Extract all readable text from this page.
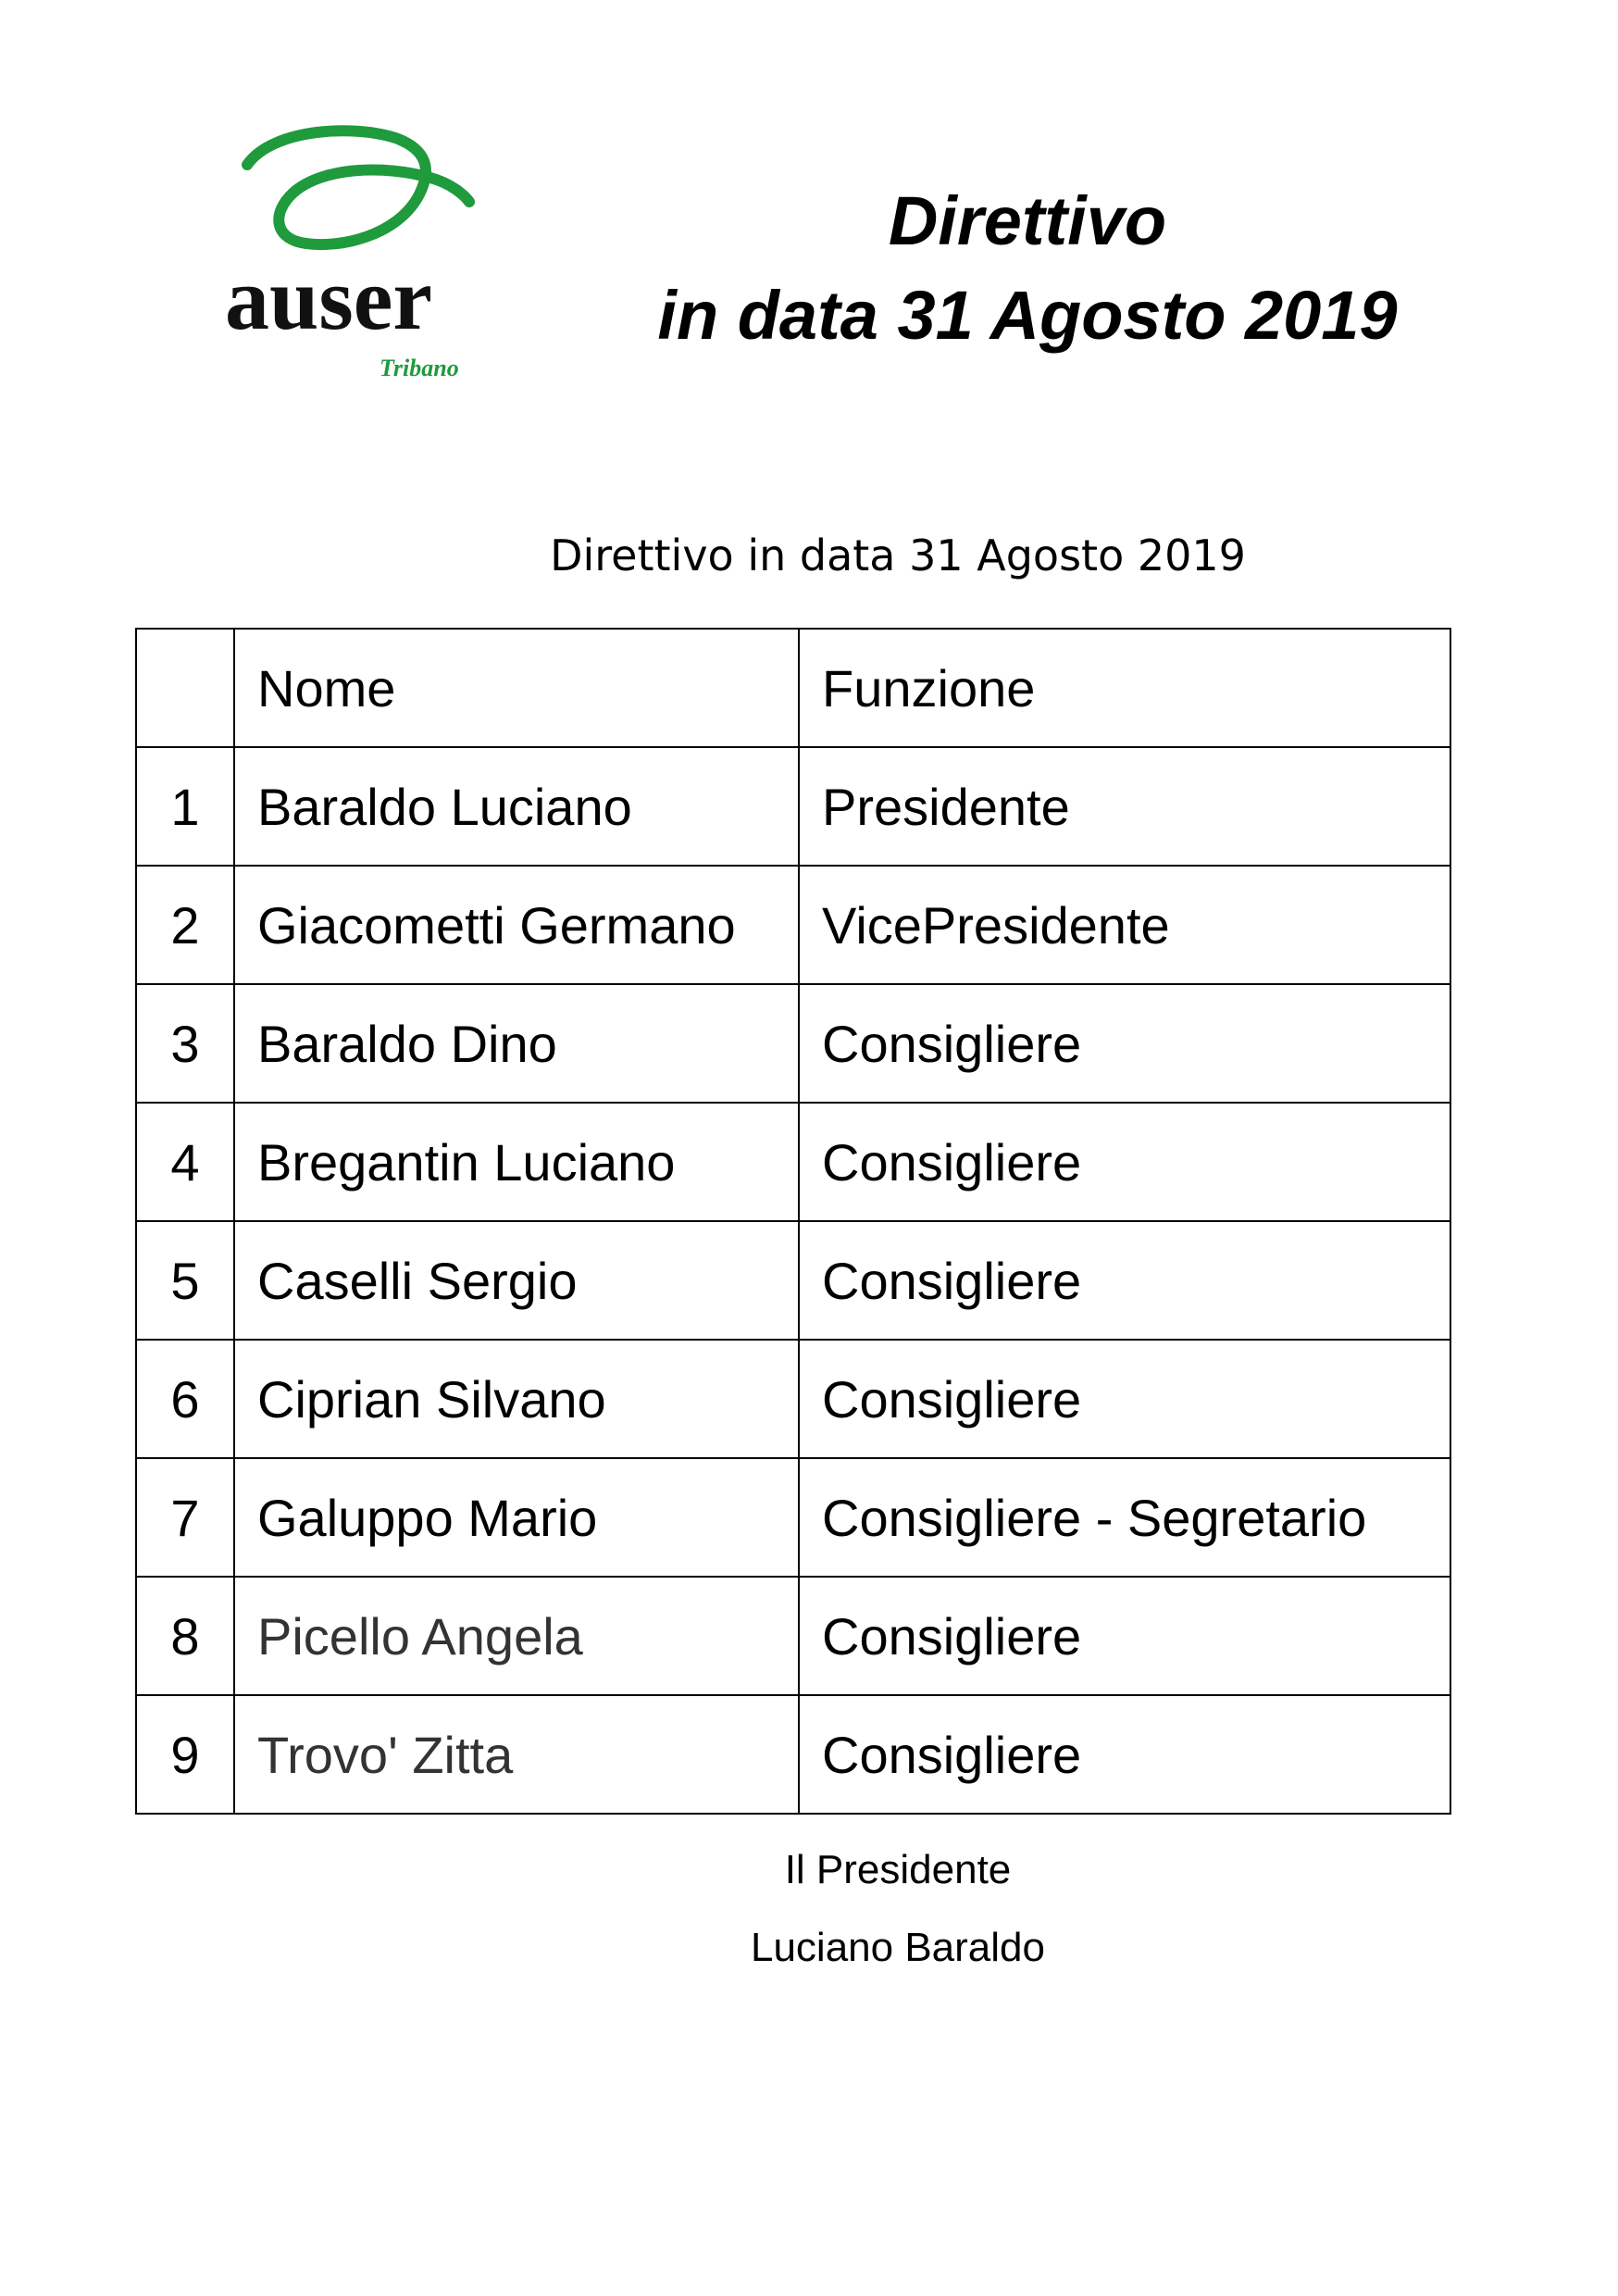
auser
Tribano
Direttivo
in data 31 Agosto 2019
Direttivo in data 31 Agosto 2019
	Nome	Funzione
1	Baraldo Luciano	Presidente
2	Giacometti Germano	VicePresidente
3	Baraldo Dino	Consigliere
4	Bregantin Luciano	Consigliere
5	Caselli Sergio	Consigliere
6	Ciprian Silvano	Consigliere
7	Galuppo Mario	Consigliere - Segretario
8	Picello Angela	Consigliere
9	Trovo' Zitta	Consigliere
Il Presidente
Luciano Baraldo
